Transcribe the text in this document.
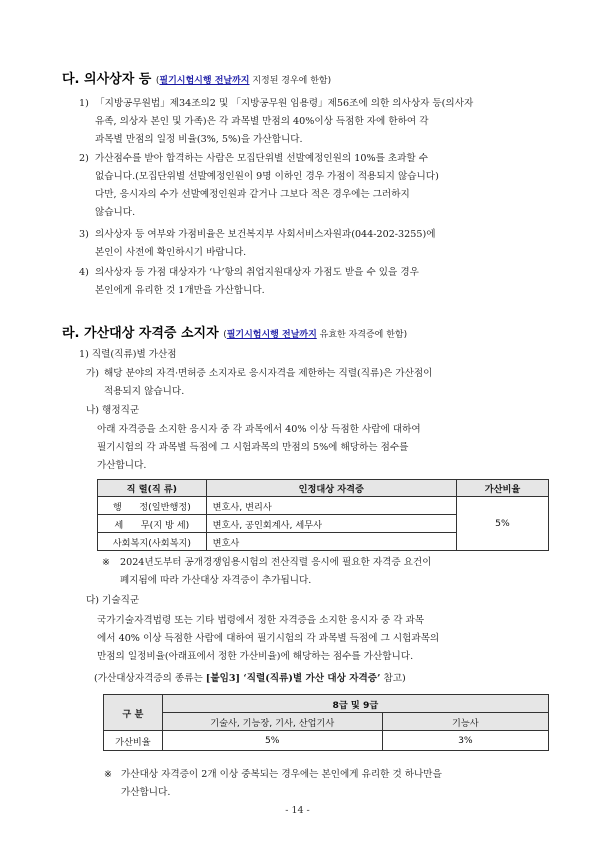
다. 의사상자 등 (필기시험시행 전날까지 지정된 경우에 한함)
1) 「지방공무원법」제34조의2 및 「지방공무원 임용령」제56조에 의한 의사상자 등(의사자
유족, 의상자 본인 및 가족)은 각 과목별 만점의 40%이상 득점한 자에 한하여 각
과목별 만점의 일정 비율(3%, 5%)을 가산합니다.
2) 가산점수를 받아 합격하는 사람은 모집단위별 선발예정인원의 10%를 초과할 수
없습니다.(모집단위별 선발예정인원이 9명 이하인 경우 가점이 적용되지 않습니다)
다만, 응시자의 수가 선발예정인원과 같거나 그보다 적은 경우에는 그러하지
않습니다.
3) 의사상자 등 여부와 가점비율은 보건복지부 사회서비스자원과(044-202-3255)에
본인이 사전에 확인하시기 바랍니다.
4) 의사상자 등 가점 대상자가 ‘나’항의 취업지원대상자 가점도 받을 수 있을 경우
본인에게 유리한 것 1개만을 가산합니다.
라. 가산대상 자격증 소지자 (필기시험시행 전날까지 유효한 자격증에 한함)
1) 직렬(직류)별 가산점
가) 해당 분야의 자격·면허증 소지자로 응시자격을 제한하는 직렬(직류)은 가산점이
적용되지 않습니다.
나) 행정직군
아래 자격증을 소지한 응시자 중 각 과목에서 40% 이상 득점한 사람에 대하여
필기시험의 각 과목별 득점에 그 시험과목의 만점의 5%에 해당하는 점수를
가산합니다.
직 렬(직 류)	인정대상 자격증	가산비율
행      정(일반행정)	변호사, 변리사	5%
세      무(지 방 세)	변호사, 공인회계사, 세무사	
사회복지(사회복지)	변호사	
※ 2024년도부터 공개경쟁임용시험의 전산직렬 응시에 필요한 자격증 요건이
폐지됨에 따라 가산대상 자격증이 추가됩니다.
다) 기술직군
국가기술자격법령 또는 기타 법령에서 정한 자격증을 소지한 응시자 중 각 과목
에서 40% 이상 득점한 사람에 대하여 필기시험의 각 과목별 득점에 그 시험과목의
만점의 일정비율(아래표에서 정한 가산비율)에 해당하는 점수를 가산합니다.
(가산대상자격증의 종류는 [붙임3] ‘직렬(직류)별 가산 대상 자격증’ 참고)
구 분	8급 및 9급	
	기술사, 기능장, 기사, 산업기사	기능사
가산비율	5%	3%
※ 가산대상 자격증이 2개 이상 중복되는 경우에는 본인에게 유리한 것 하나만을
가산합니다.
- 14 -
